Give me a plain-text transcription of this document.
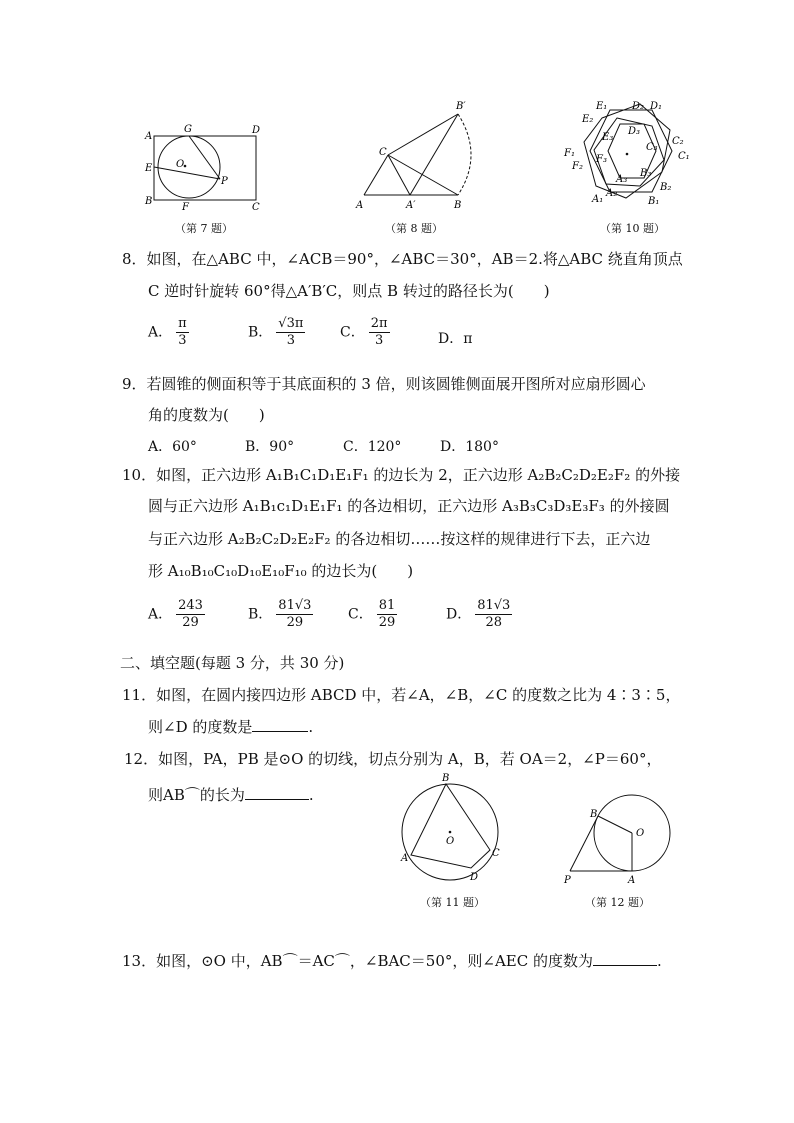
A
G	D
E O
P
B
F	C
（第 7 题）
B′
C
A	A′	B
（第 8 题）
E₁ D₂ D₁
E₂
D₃
E₃	C₂
C₃
F₁	C₁
F₂
F₃
A₃
B₃
A₂
B₂
A₁	B₁
（第 10 题）
8．如图，在△ABC 中，∠ACB＝90°，∠ABC＝30°，AB＝2.将△ABC 绕直角顶点
C 逆时针旋转 60°得△A′B′C，则点 B 转过的路径长为(　　)
A． $\frac{\pi}{3}$	B． $\frac{√3\pi}{3}$ C． $\frac{2\pi}{3}$	D．π
9．若圆锥的侧面积等于其底面积的 3 倍，则该圆锥侧面展开图所对应扇形圆心
角的度数为(　　)
A．60°	B．90°	C．120°	D．180°
10．如图，正六边形 A₁B₁C₁D₁E₁F₁ 的边长为 2，正六边形 A₂B₂C₂D₂E₂F₂ 的外接
圆与正六边形 A₁B₁c₁D₁E₁F₁ 的各边相切，正六边形 A₃B₃C₃D₃E₃F₃ 的外接圆
与正六边形 A₂B₂C₂D₂E₂F₂ 的各边相切……按这样的规律进行下去，正六边
形 A₁₀B₁₀C₁₀D₁₀E₁₀F₁₀ 的边长为(　　)
A． $\frac{243}{29}$	B． $\frac{81√3}{29}$ C． $\frac{81}{29}$	D． $\frac{81√3}{28}$
二、填空题(每题 3 分，共 30 分)
11．如图，在圆内接四边形 ABCD 中，若∠A，∠B，∠C 的度数之比为 4∶3∶5，
则∠D 的度数是	.
12．如图，PA，PB 是⊙O 的切线，切点分别为 A，B，若 OA＝2，∠P＝60°，
则AB⌒的长为	.
B
O
A	C
D
（第 11 题）
B
O
P	A
（第 12 题）
13．如图，⊙O 中，AB⌒＝AC⌒，∠BAC＝50°，则∠AEC 的度数为	.
